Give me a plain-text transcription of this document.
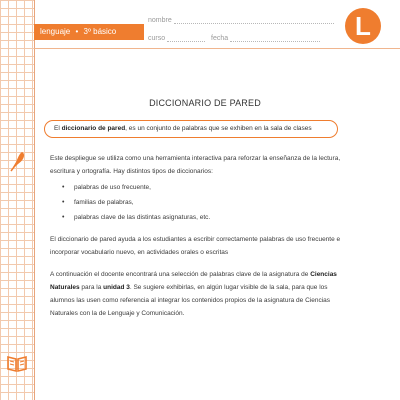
lenguaje • 3º básico
nombre
curso	fecha	L
DICCIONARIO DE PARED
El diccionario de pared, es un conjunto de palabras que se exhiben en la sala de clases
Este despliegue se utiliza como una herramienta interactiva para reforzar la enseñanza de la lectura, escritura y ortografía. Hay distintos tipos de diccionarios:
• palabras de uso frecuente,
• familias de palabras,
• palabras clave de las distintas asignaturas, etc.
El diccionario de pared ayuda a los estudiantes a escribir correctamente palabras de uso frecuente e incorporar vocabulario nuevo, en actividades orales o escritas
A continuación el docente encontrará una selección de palabras clave de la asignatura de Ciencias Naturales para la unidad 3. Se sugiere exhibirlas, en algún lugar visible de la sala, para que los alumnos las usen como referencia al integrar los contenidos propios de la asignatura de Ciencias Naturales con la de Lenguaje y Comunicación.
